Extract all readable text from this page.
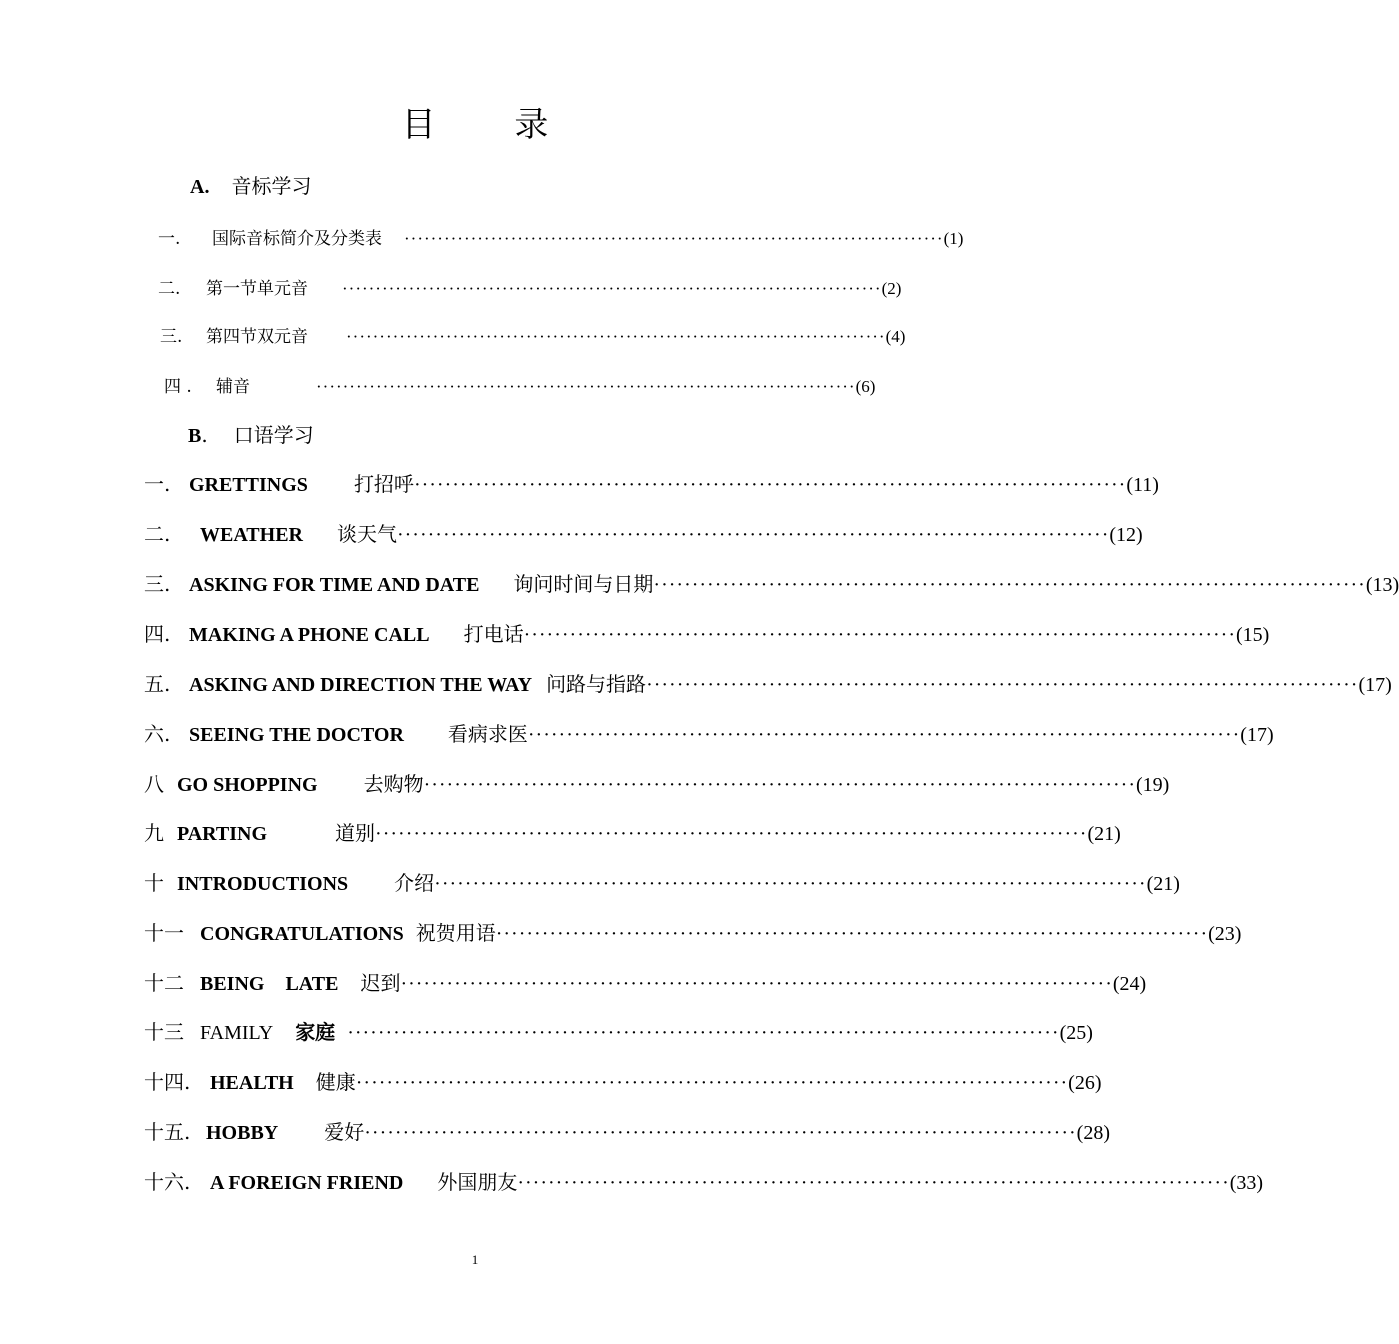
目 录
A. 音标学习
一.	国际音标简介及分类表 ················································································· (1)
二.	第一节单元音 ················································································· (2)
三.	第四节双元音 ················································································· (4)
四 .	辅音	················································································· (6)
B. 口语学习
一. GRETTINGS 打招呼 ····························································································· (11)
二.	WEATHER 谈天气 ····························································································· (12)
三. ASKING FOR TIME AND DATE 询问时间与日期 ····························································································· (13)
四. MAKING A PHONE CALL 打电话 ····························································································· (15)
五. ASKING AND DIRECTION THE WAY 问路与指路 ····························································································· (17)
六. SEEING THE DOCTOR 看病求医 ····························································································· (17)
八 GO SHOPPING 去购物 ····························································································· (19)
九 PARTING	道别 ····························································································· (21)
十 INTRODUCTIONS 介绍 ····························································································· (21)
十一 CONGRATULATIONS 祝贺用语 ····························································································· (23)
十二 BEING LATE 迟到 ····························································································· (24)
十三 FAMILY 家庭 ····························································································· (25)
十四. HEALTH 健康 ····························································································· (26)
十五. HOBBY 爱好 ····························································································· (28)
十六. A FOREIGN FRIEND 外国朋友 ····························································································· (33)
1
